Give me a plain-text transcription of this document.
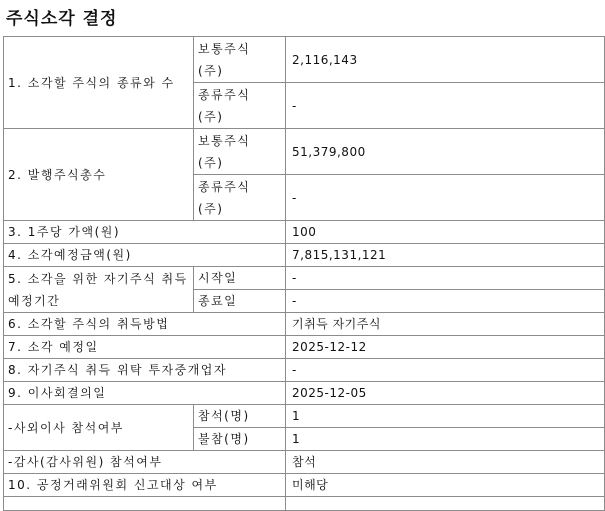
주식소각 결정
1. 소각할 주식의 종류와 수	보통주식 (주)	2,116,143
	종류주식 (주)	-
2. 발행주식총수	보통주식 (주)	51,379,800
	종류주식 (주)	-
3. 1주당 가액(원)		100
4. 소각예정금액(원)		7,815,131,121
5. 소각을 위한 자기주식 취득 예정기간	시작일	-
	종료일	-
6. 소각할 주식의 취득방법		기취득 자기주식
7. 소각 예정일		2025-12-12
8. 자기주식 취득 위탁 투자중개업자		-
9. 이사회결의일		2025-12-05
-사외이사 참석여부	참석(명)	1
	불참(명)	1
-감사(감사위원) 참석여부		참석
10. 공정거래위원회 신고대상 여부		미해당
